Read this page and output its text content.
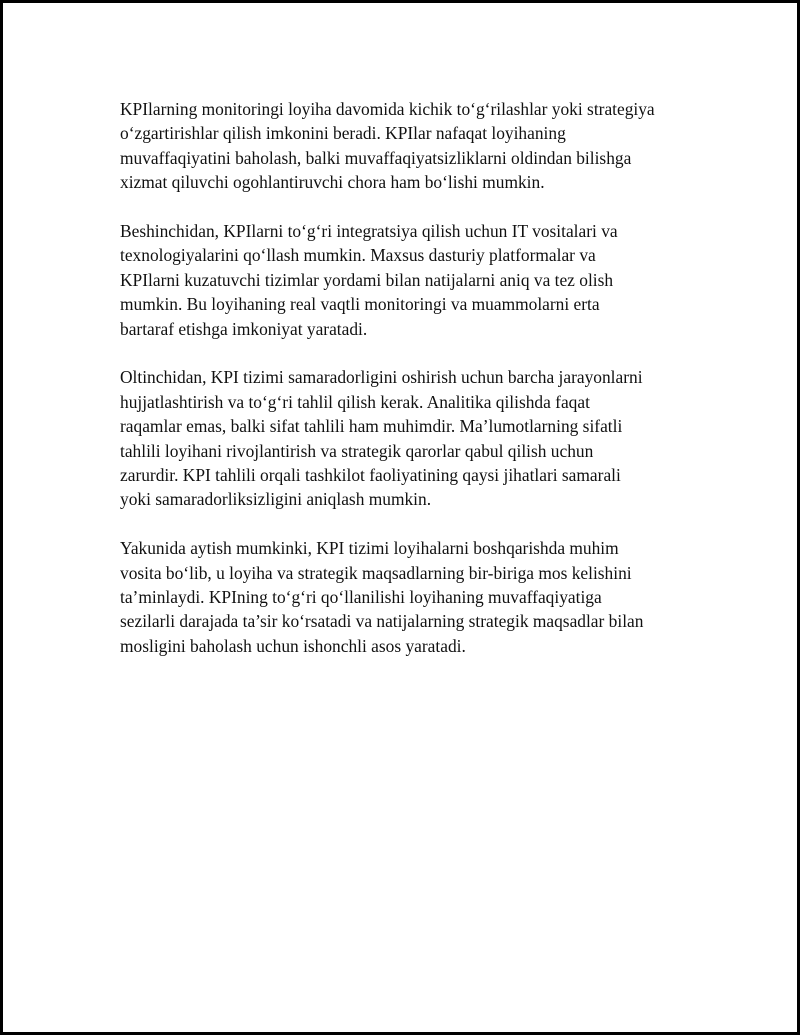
KPIlarning monitoringi loyiha davomida kichik to‘g‘rilashlar yoki strategiya
o‘zgartirishlar qilish imkonini beradi. KPIlar nafaqat loyihaning
muvaffaqiyatini baholash, balki muvaffaqiyatsizliklarni oldindan bilishga
xizmat qiluvchi ogohlantiruvchi chora ham bo‘lishi mumkin.

Beshinchidan, KPIlarni to‘g‘ri integratsiya qilish uchun IT vositalari va
texnologiyalarini qo‘llash mumkin. Maxsus dasturiy platformalar va
KPIlarni kuzatuvchi tizimlar yordami bilan natijalarni aniq va tez olish
mumkin. Bu loyihaning real vaqtli monitoringi va muammolarni erta
bartaraf etishga imkoniyat yaratadi.

Oltinchidan, KPI tizimi samaradorligini oshirish uchun barcha jarayonlarni
hujjatlashtirish va to‘g‘ri tahlil qilish kerak. Analitika qilishda faqat
raqamlar emas, balki sifat tahlili ham muhimdir. Ma’lumotlarning sifatli
tahlili loyihani rivojlantirish va strategik qarorlar qabul qilish uchun
zarurdir. KPI tahlili orqali tashkilot faoliyatining qaysi jihatlari samarali
yoki samaradorliksizligini aniqlash mumkin.

Yakunida aytish mumkinki, KPI tizimi loyihalarni boshqarishda muhim
vosita bo‘lib, u loyiha va strategik maqsadlarning bir-biriga mos kelishini
ta’minlaydi. KPIning to‘g‘ri qo‘llanilishi loyihaning muvaffaqiyatiga
sezilarli darajada ta’sir ko‘rsatadi va natijalarning strategik maqsadlar bilan
mosligini baholash uchun ishonchli asos yaratadi.
